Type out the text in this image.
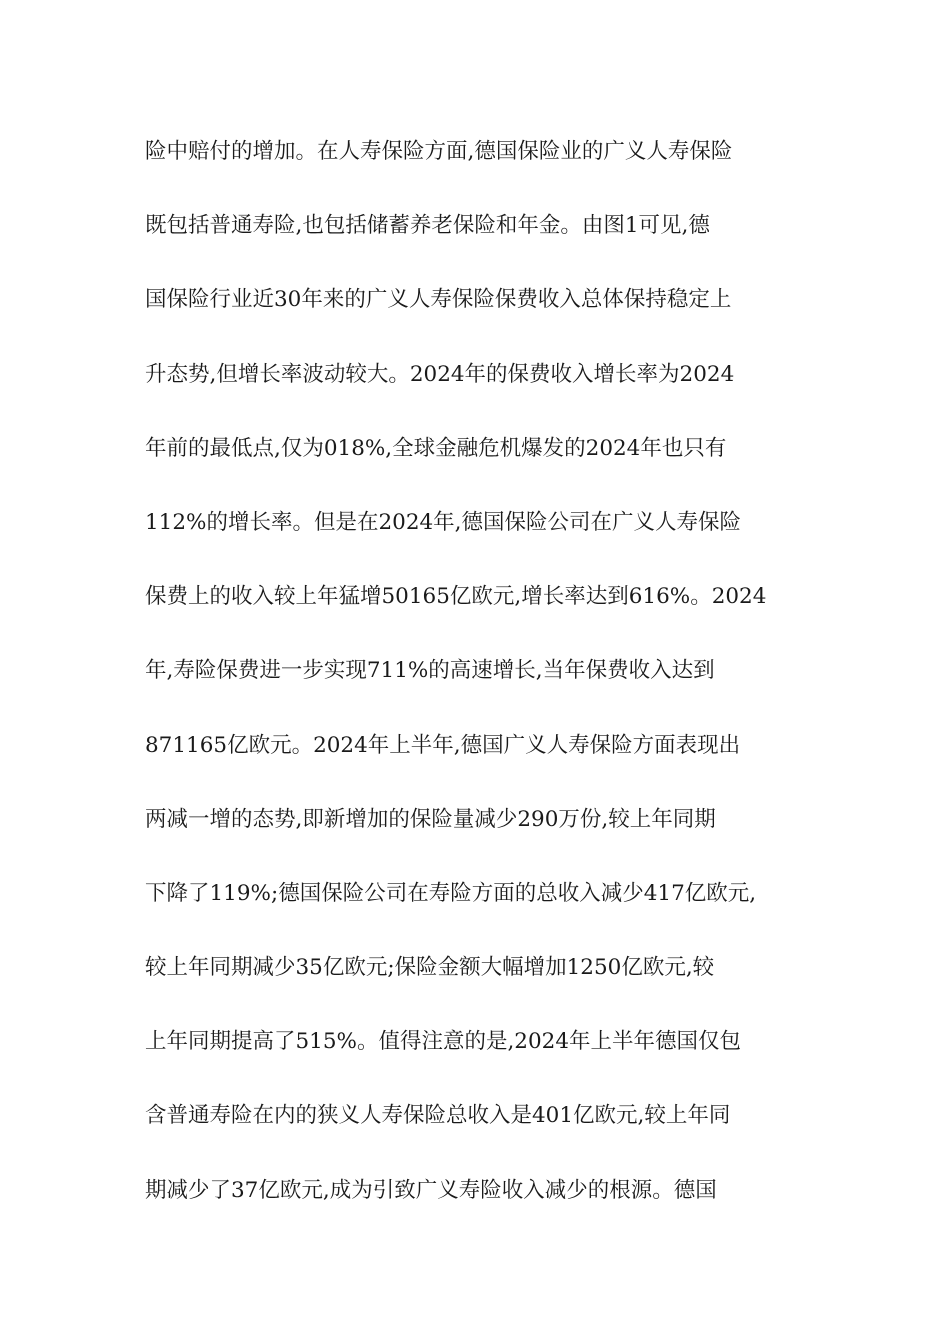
险中赔付的增加。在人寿保险方面,德国保险业的广义人寿保险
既包括普通寿险,也包括储蓄养老保险和年金。由图1可见,德
国保险行业近30年来的广义人寿保险保费收入总体保持稳定上
升态势,但增长率波动较大。2024年的保费收入增长率为2024
年前的最低点,仅为018%,全球金融危机爆发的2024年也只有
112%的增长率。但是在2024年,德国保险公司在广义人寿保险
保费上的收入较上年猛增50165亿欧元,增长率达到616%。2024
年,寿险保费进一步实现711%的高速增长,当年保费收入达到
871165亿欧元。2024年上半年,德国广义人寿保险方面表现出
两减一增的态势,即新增加的保险量减少290万份,较上年同期
下降了119%;德国保险公司在寿险方面的总收入减少417亿欧元,
较上年同期减少35亿欧元;保险金额大幅增加1250亿欧元,较
上年同期提高了515%。值得注意的是,2024年上半年德国仅包
含普通寿险在内的狭义人寿保险总收入是401亿欧元,较上年同
期减少了37亿欧元,成为引致广义寿险收入减少的根源。德国
